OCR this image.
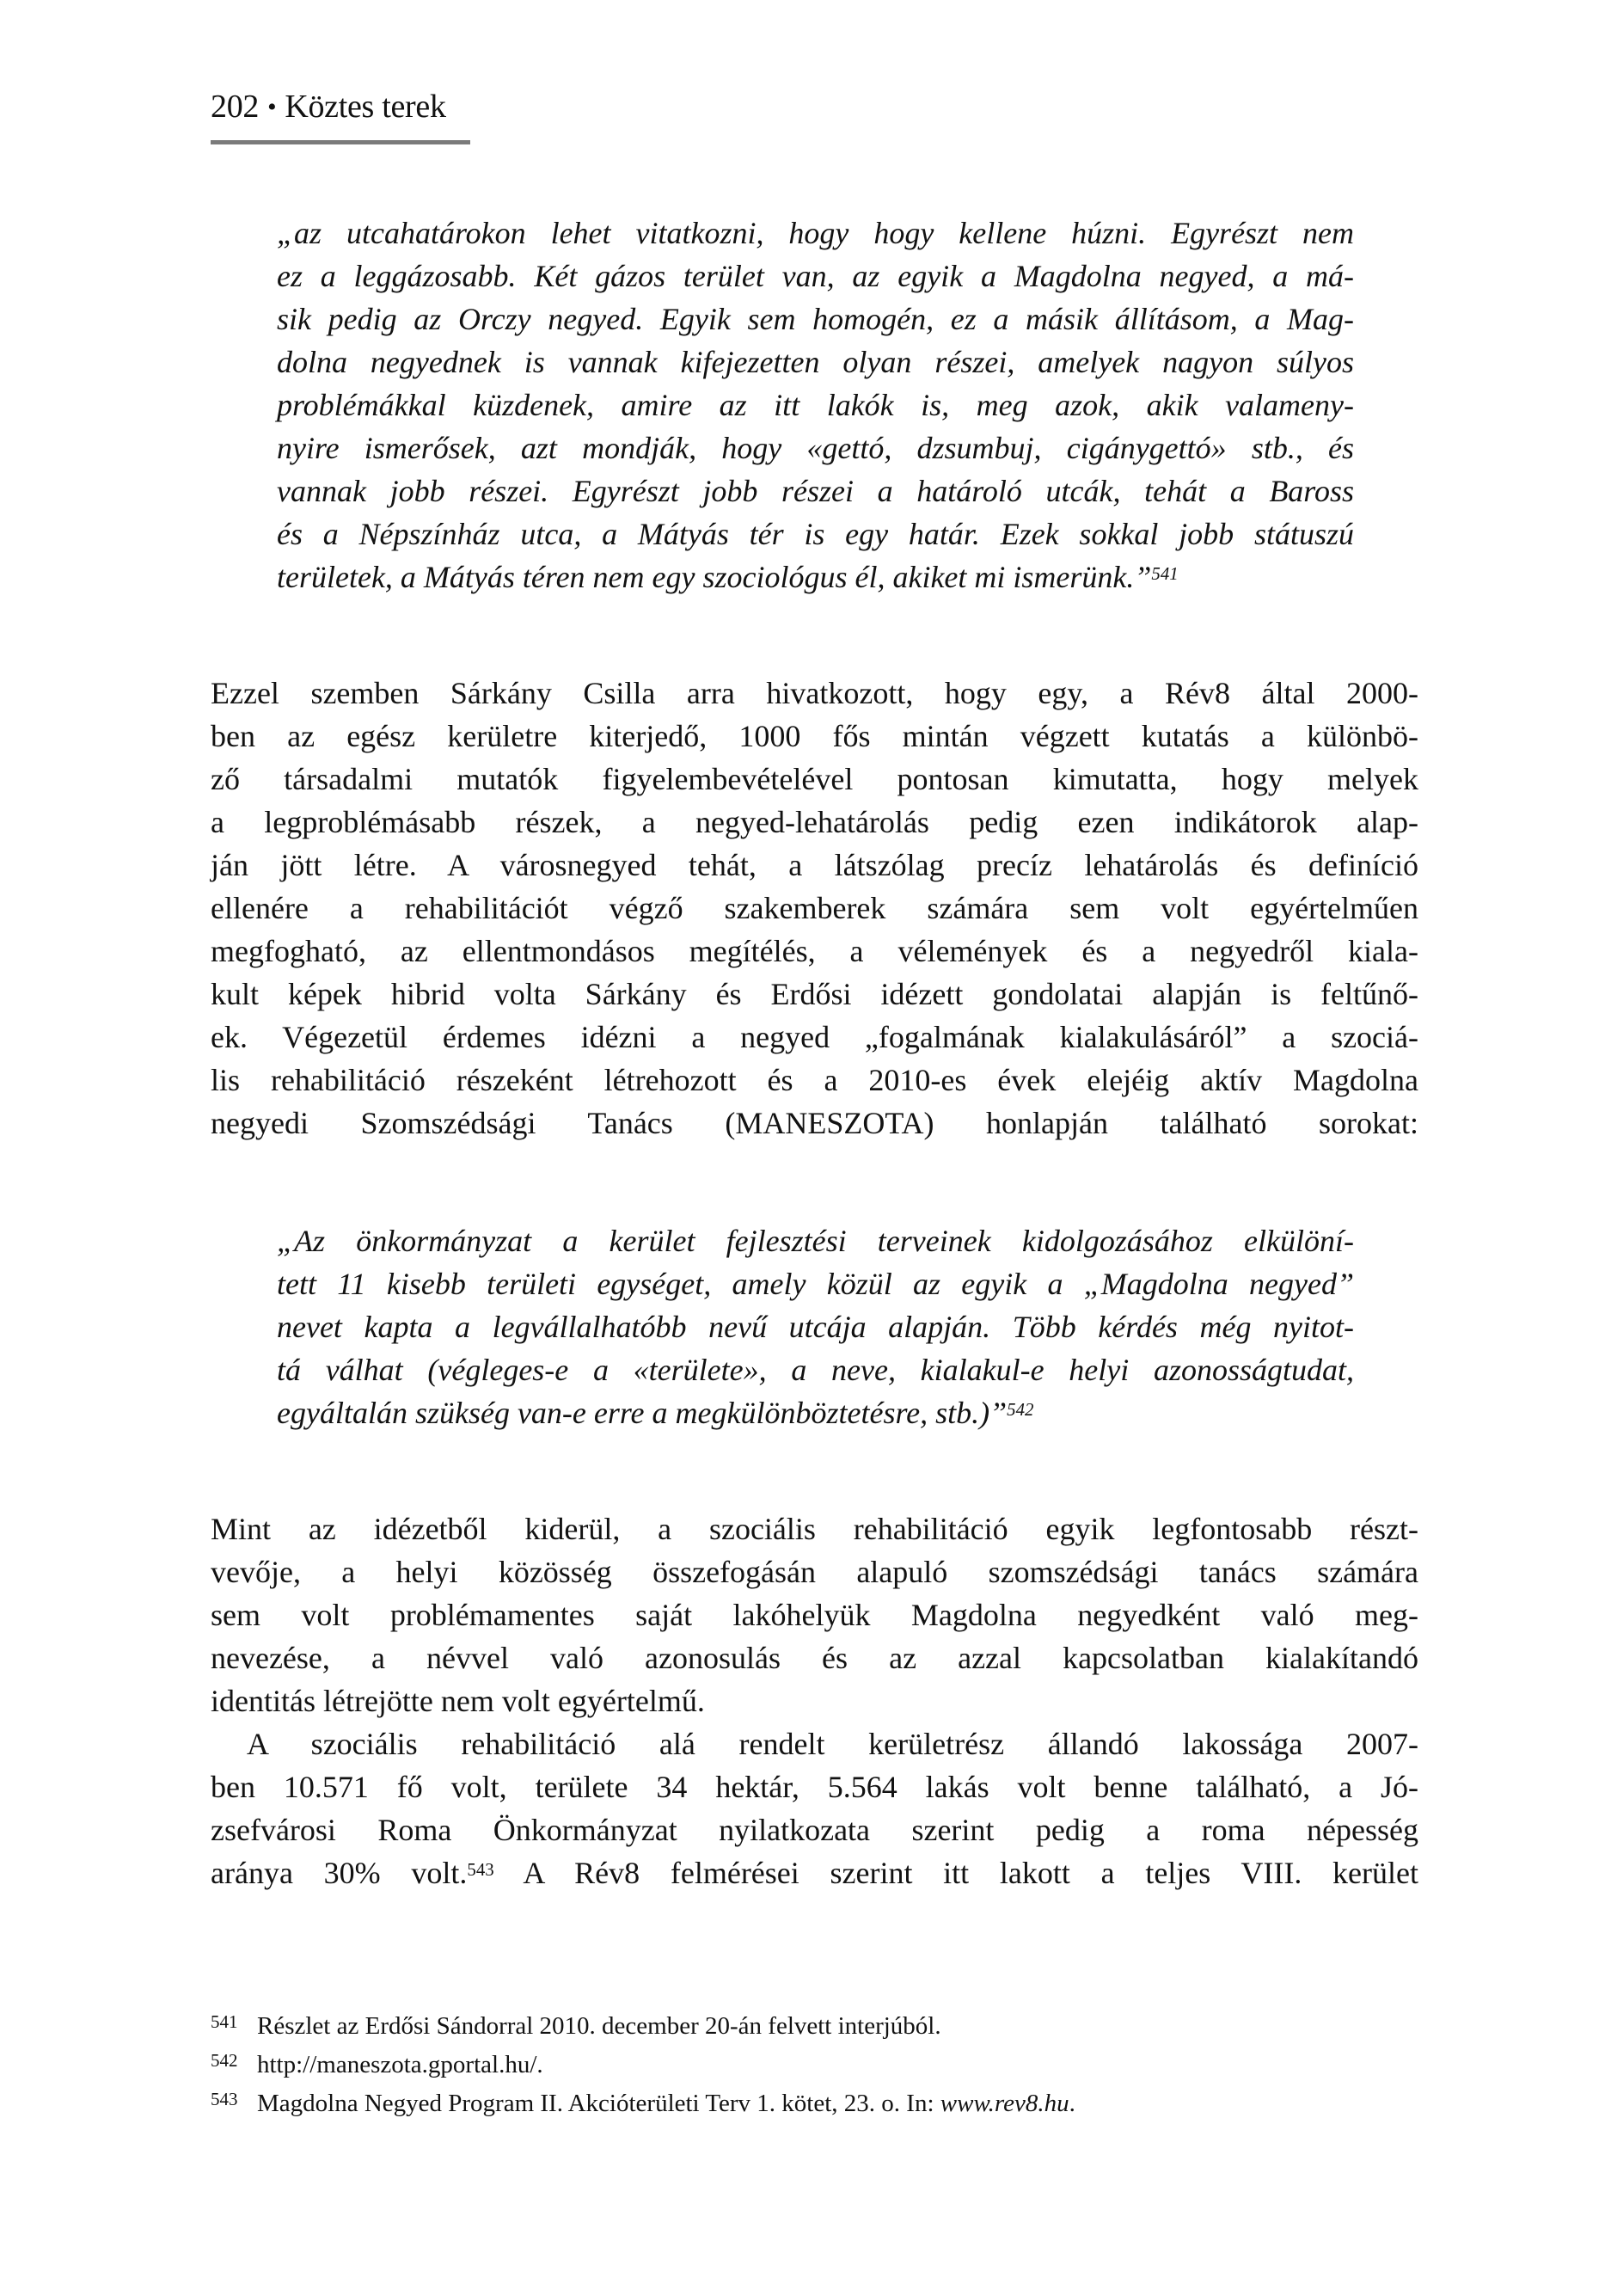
202 • Köztes terek
„az utcahatárokon lehet vitatkozni, hogy hogy kellene húzni. Egyrészt nem
ez a leggázosabb. Két gázos terület van, az egyik a Magdolna negyed, a má-
sik pedig az Orczy negyed. Egyik sem homogén, ez a másik állításom, a Mag-
dolna negyednek is vannak kifejezetten olyan részei, amelyek nagyon súlyos
problémákkal küzdenek, amire az itt lakók is, meg azok, akik valameny-
nyire ismerősek, azt mondják, hogy «gettó, dzsumbuj, cigánygettó» stb., és
vannak jobb részei. Egyrészt jobb részei a határoló utcák, tehát a Baross
és a Népszínház utca, a Mátyás tér is egy határ. Ezek sokkal jobb státuszú
területek, a Mátyás téren nem egy szociológus él, akiket mi ismerünk.”$^{541}$
Ezzel szemben Sárkány Csilla arra hivatkozott, hogy egy, a Rév8 által 2000-
ben az egész kerületre kiterjedő, 1000 fős mintán végzett kutatás a különbö-
ző társadalmi mutatók figyelembevételével pontosan kimutatta, hogy melyek
a legproblémásabb részek, a negyed-lehatárolás pedig ezen indikátorok alap-
ján jött létre. A városnegyed tehát, a látszólag precíz lehatárolás és definíció
ellenére a rehabilitációt végző szakemberek számára sem volt egyértelműen
megfogható, az ellentmondásos megítélés, a vélemények és a negyedről kiala-
kult képek hibrid volta Sárkány és Erdősi idézett gondolatai alapján is feltűnő-
ek. Végezetül érdemes idézni a negyed „fogalmának kialakulásáról” a szociá-
lis rehabilitáció részeként létrehozott és a 2010-es évek elejéig aktív Magdolna
negyedi Szomszédsági Tanács (MANESZOTA) honlapján található sorokat:
„Az önkormányzat a kerület fejlesztési terveinek kidolgozásához elkülöní-
tett 11 kisebb területi egységet, amely közül az egyik a „Magdolna negyed”
nevet kapta a legvállalhatóbb nevű utcája alapján. Több kérdés még nyitot-
tá válhat (végleges-e a «területe», a neve, kialakul-e helyi azonosságtudat,
egyáltalán szükség van-e erre a megkülönböztetésre, stb.)”$^{542}$
Mint az idézetből kiderül, a szociális rehabilitáció egyik legfontosabb részt-
vevője, a helyi közösség összefogásán alapuló szomszédsági tanács számára
sem volt problémamentes saját lakóhelyük Magdolna negyedként való meg-
nevezése, a névvel való azonosulás és az azzal kapcsolatban kialakítandó
identitás létrejötte nem volt egyértelmű.
A szociális rehabilitáció alá rendelt kerületrész állandó lakossága 2007-
ben 10.571 fő volt, területe 34 hektár, 5.564 lakás volt benne található, a Jó-
zsefvárosi Roma Önkormányzat nyilatkozata szerint pedig a roma népesség
aránya 30% volt.$^{543}$ A Rév8 felmérései szerint itt lakott a teljes VIII. kerület
541 Részlet az Erdősi Sándorral 2010. december 20-án felvett interjúból.
542 http://maneszota.gportal.hu/.
543 Magdolna Negyed Program II. Akcióterületi Terv 1. kötet, 23. o. In: www.rev8.hu.
